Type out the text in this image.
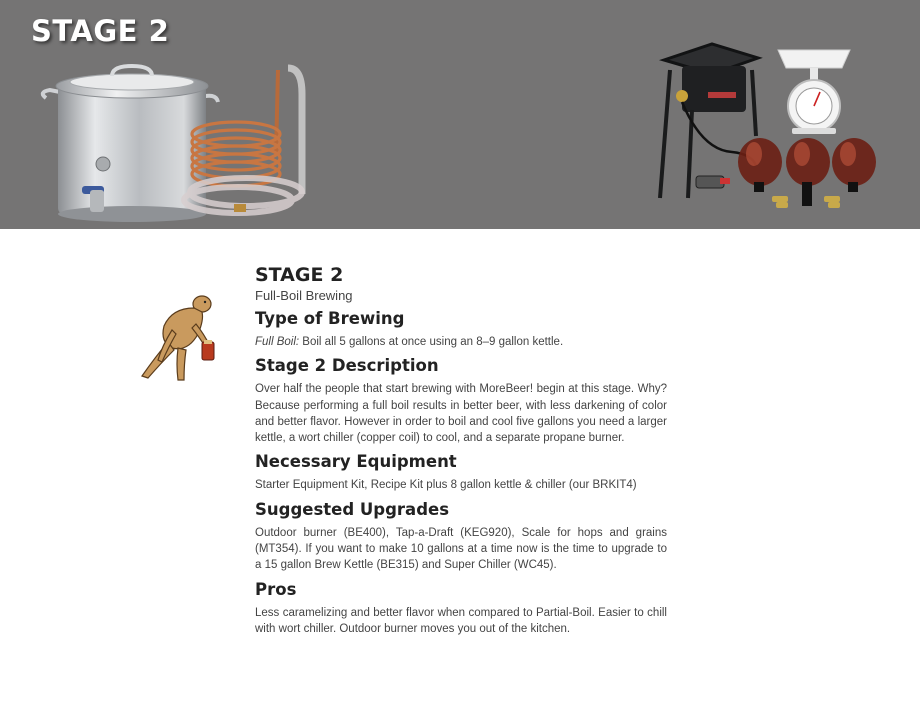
STAGE 2
STAGE 2

Full-Boil Brewing

Type of Brewing

Full Boil: Boil all 5 gallons at once using an 8–9 gallon kettle.

Stage 2 Description

Over half the people that start brewing with MoreBeer! begin at this stage. Why? Because performing a full boil results in better beer, with less darkening of color and better flavor. However in order to boil and cool five gallons you need a larger kettle, a wort chiller (copper coil) to cool, and a separate propane burner.

Necessary Equipment

Starter Equipment Kit, Recipe Kit plus 8 gallon kettle & chiller (our BRKIT4)

Suggested Upgrades

Outdoor burner (BE400), Tap-a-Draft (KEG920), Scale for hops and grains (MT354). If you want to make 10 gallons at a time now is the time to upgrade to a 15 gallon Brew Kettle (BE315) and Super Chiller (WC45).

Pros

Less caramelizing and better flavor when compared to Partial-Boil. Easier to chill with wort chiller. Outdoor burner moves you out of the kitchen.
